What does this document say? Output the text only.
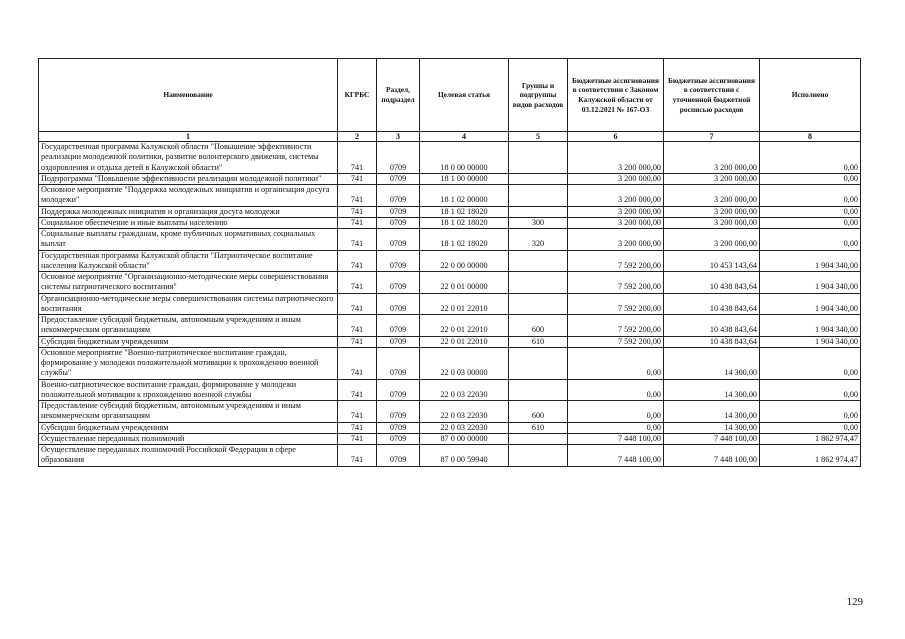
Наименование	КГРБС	Раздел, подраздел	Целевая статья	Группы и подгруппы видов расходов	Бюджетные ассигнования в соответствии с Законом Калужской области от 03.12.2021 № 167-ОЗ	Бюджетные ассигнования в соответствии с уточненной бюджетной росписью расходов	Исполнено
1	2	3	4	5	6	7	8
Государственная программа Калужской области "Повышение эффективности реализации молодежной политики, развитие волонтерского движения, системы оздоровления и отдыха детей в Калужской области"	741	0709	18 0 00 00000		3 200 000,00	3 200 000,00	0,00
Подпрограмма "Повышение эффективности реализации молодежной политики"	741	0709	18 1 00 00000		3 200 000,00	3 200 000,00	0,00
Основное мероприятие "Поддержка молодежных инициатив и организация досуга молодежи"	741	0709	18 1 02 00000		3 200 000,00	3 200 000,00	0,00
Поддержка молодежных инициатив и организация досуга молодежи	741	0709	18 1 02 18020		3 200 000,00	3 200 000,00	0,00
Социальное обеспечение и иные выплаты населению	741	0709	18 1 02 18020	300	3 200 000,00	3 200 000,00	0,00
Социальные выплаты гражданам, кроме публичных нормативных социальных выплат	741	0709	18 1 02 18020	320	3 200 000,00	3 200 000,00	0,00
Государственная программа Калужской области "Патриотическое воспитание населения Калужской области"	741	0709	22 0 00 00000		7 592 200,00	10 453 143,64	1 904 340,00
Основное мероприятие "Организационно-методические меры совершенствования системы патриотического воспитания"	741	0709	22 0 01 00000		7 592 200,00	10 438 843,64	1 904 340,00
Организационно-методические меры совершенствования системы патриотического воспитания	741	0709	22 0 01 22010		7 592 200,00	10 438 843,64	1 904 340,00
Предоставление субсидий бюджетным, автономным учреждениям и иным некоммерческим организациям	741	0709	22 0 01 22010	600	7 592 200,00	10 438 843,64	1 904 340,00
Субсидии бюджетным учреждениям	741	0709	22 0 01 22010	610	7 592 200,00	10 438 843,64	1 904 340,00
Основное мероприятие "Военно-патриотическое воспитание граждан, формирование у молодежи положительной мотивации к прохождению военной службы"	741	0709	22 0 03 00000		0,00	14 300,00	0,00
Военно-патриотическое воспитание граждан, формирование у молодежи положительной мотивации к прохождению военной службы	741	0709	22 0 03 22030		0,00	14 300,00	0,00
Предоставление субсидий бюджетным, автономным учреждениям и иным некоммерческим организациям	741	0709	22 0 03 22030	600	0,00	14 300,00	0,00
Субсидии бюджетным учреждениям	741	0709	22 0 03 22030	610	0,00	14 300,00	0,00
Осуществление переданных полномочий	741	0709	87 0 00 00000		7 448 100,00	7 448 100,00	1 862 974,47
Осуществление переданных полномочий Российской Федерации в сфере образования	741	0709	87 0 00 59940		7 448 100,00	7 448 100,00	1 862 974,47
129
